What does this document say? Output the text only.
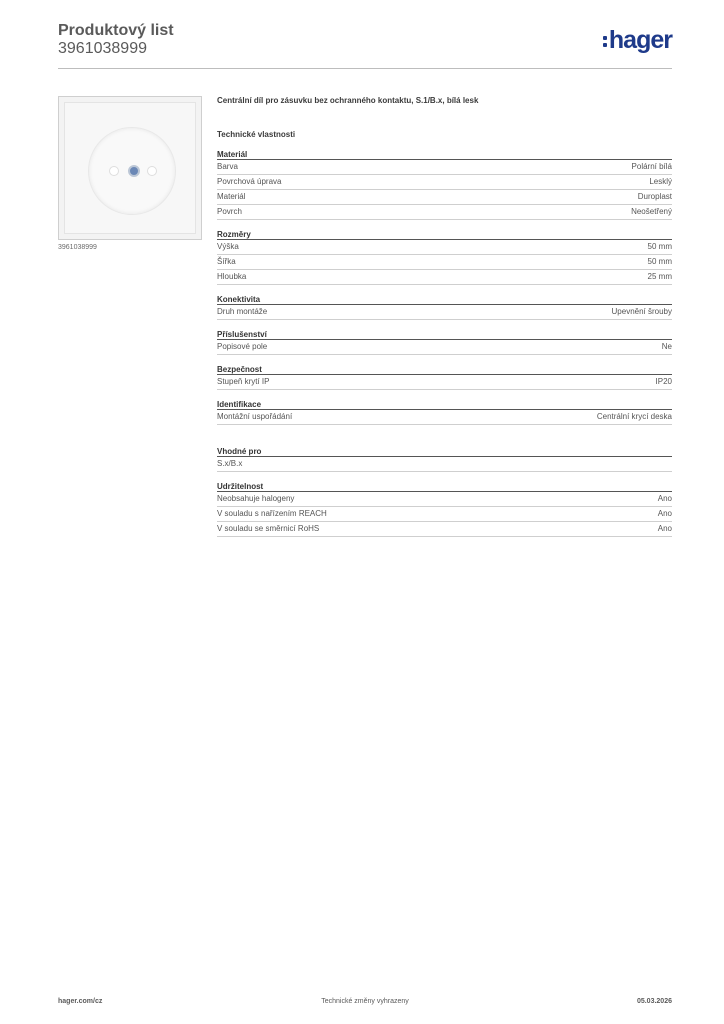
Produktový list
3961038999	hager
3961038999
Centrální díl pro zásuvku bez ochranného kontaktu, S.1/B.x, bílá lesk
Technické vlastnosti
Materiál
Barva	Polární bílá
Povrchová úprava	Lesklý
Materiál	Duroplast
Povrch	Neošetřený
Rozměry
Výška	50 mm
Šířka	50 mm
Hloubka	25 mm
Konektivita
Druh montáže	Upevnění šrouby
Příslušenství
Popisové pole	Ne
Bezpečnost
Stupeň krytí IP	IP20
Identifikace
Montážní uspořádání	Centrální krycí deska
Vhodné pro
S.x/B.x
Udržitelnost
Neobsahuje halogeny	Ano
V souladu s nařízením REACH	Ano
V souladu se směrnicí RoHS	Ano
hager.com/cz	Technické změny vyhrazeny	05.03.2026
